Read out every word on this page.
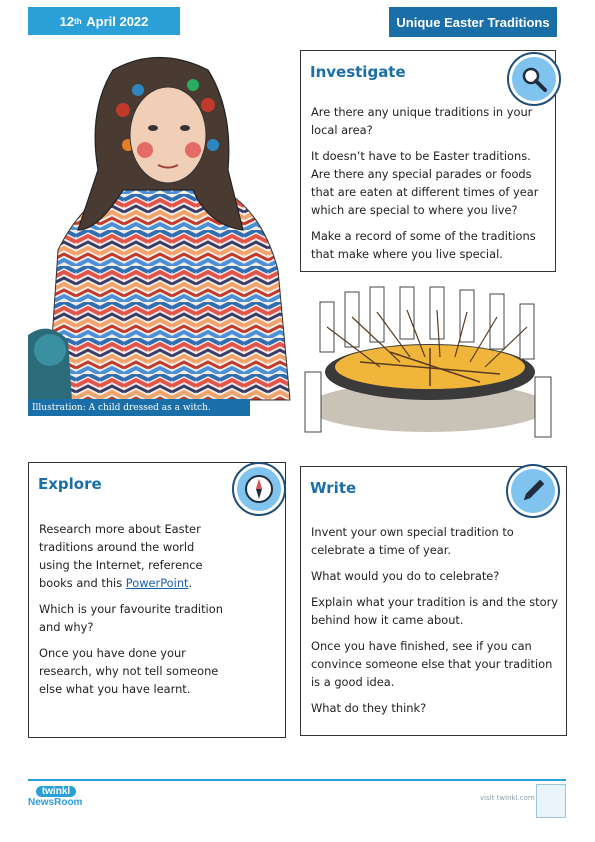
12 th
April 2022	Unique Easter Traditions
Illustration: A child dressed as a witch.
Investigate

Are there any unique traditions in your local area?

It doesn’t have to be Easter traditions. Are there any special parades or foods that are eaten at different times of year which are special to where you live?

Make a record of some of the traditions that make where you live special.

Explore

Research more about Easter traditions around the world using the Internet, reference books and this PowerPoint.

Which is your favourite tradition and why?

Once you have done your research, why not tell someone else what you have learnt.

Write

Invent your own special tradition to celebrate a time of year.

What would you do to celebrate?

Explain what your tradition is and the story behind how it came about.

Once you have finished, see if you can convince someone else that your tradition is a good idea.

What do they think?

twinkl
NewsRoom	visit twinkl.com
